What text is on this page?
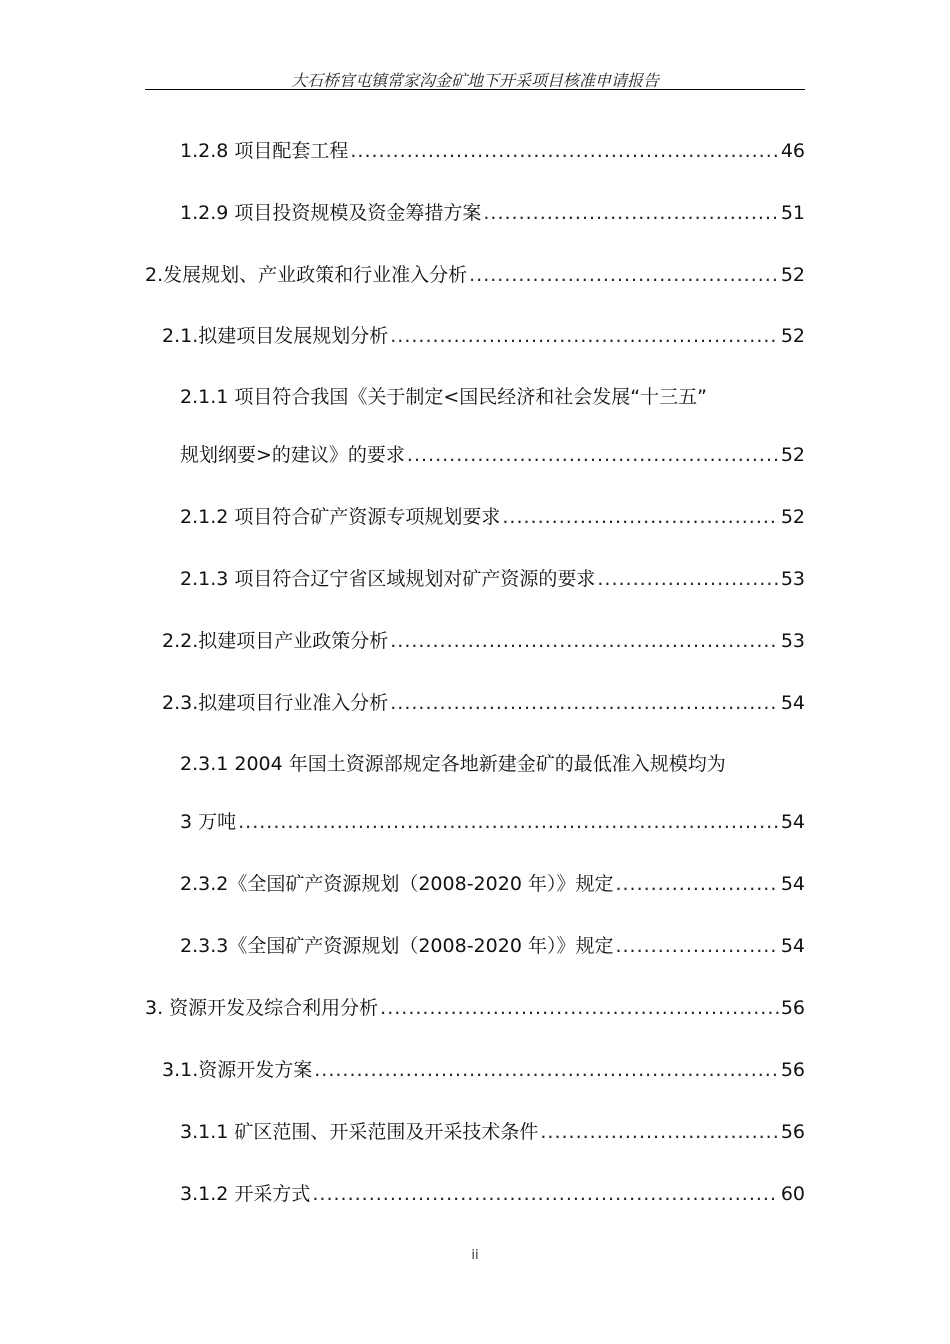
大石桥官屯镇常家沟金矿地下开采项目核准申请报告
1.2.8 项目配套工程 .....	46
1.2.9 项目投资规模及资金筹措方案 .....	51
2.发展规划、产业政策和行业准入分析 .....	52
2.1.拟建项目发展规划分析 .....	52
2.1.1 项目符合我国《关于制定<国民经济和社会发展“十三五”
规划纲要>的建议》的要求 .....	52
2.1.2 项目符合矿产资源专项规划要求 .....	52
2.1.3 项目符合辽宁省区域规划对矿产资源的要求 .....	53
2.2.拟建项目产业政策分析 .....	53
2.3.拟建项目行业准入分析 .....	54
2.3.1 2004 年国土资源部规定各地新建金矿的最低准入规模均为
3 万吨 .....	54
2.3.2《全国矿产资源规划（2008-2020 年）》规定 .....	54
2.3.3《全国矿产资源规划（2008-2020 年）》规定 .....	54
3. 资源开发及综合利用分析 .....	56
3.1.资源开发方案 .....	56
3.1.1 矿区范围、开采范围及开采技术条件 .....	56
3.1.2 开采方式 .....	60
ii
